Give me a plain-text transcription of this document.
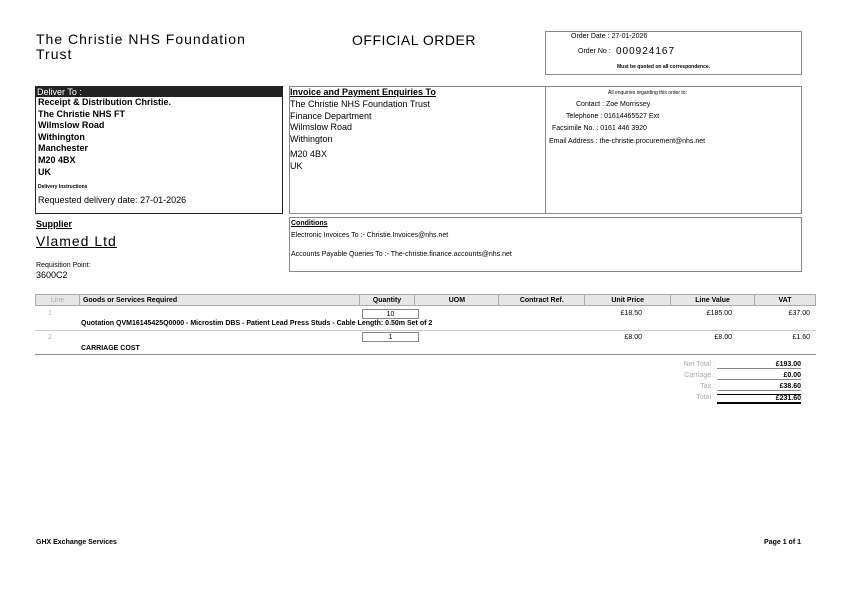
The Christie NHS Foundation Trust
OFFICIAL ORDER	Order Date : 27-01-2026
Order No : 000924167
Must be quoted on all correspondence.
Deliver To :
Receipt & Distribution Christie.
The Christie NHS FT
Wilmslow Road
Withington
Manchester
M20 4BX
UK
Delivery Instructions
Requested delivery date: 27-01-2026
Invoice and Payment Enquiries To
The Christie NHS Foundation Trust
Finance Department
Wilmslow Road
Withington
M20 4BX
UK
All enquiries regarding this order to:
Contact : Zoe Morrissey
Telephone : 01614465527 Ext
Facsimile No. : 0161 446 3920
Email Address : the-christie.procurement@nhs.net
Supplier
Vlamed Ltd
Requisition Point:
3600C2
Conditions
Electronic Invoices To :- Christie.Invoices@nhs.net
Accounts Payable Queries To :- The-christie.finance.accounts@nhs.net
Line	Goods or Services Required	Quantity	UOM	Contract Ref.	Unit Price	Line Value	VAT
1	10	£18.50	£185.00	£37.00
Quotation QVM16145425Q0000 - Microstim DBS - Patient Lead Press Studs - Cable Length: 0.50m Set of 2
2	1	£8.00	£8.00	£1.60
CARRIAGE COST
Net Total :	£193.00
Carriage :	£0.00
Tax :	£38.60
Total :	£231.60
GHX Exchange Services	Page 1 of 1
